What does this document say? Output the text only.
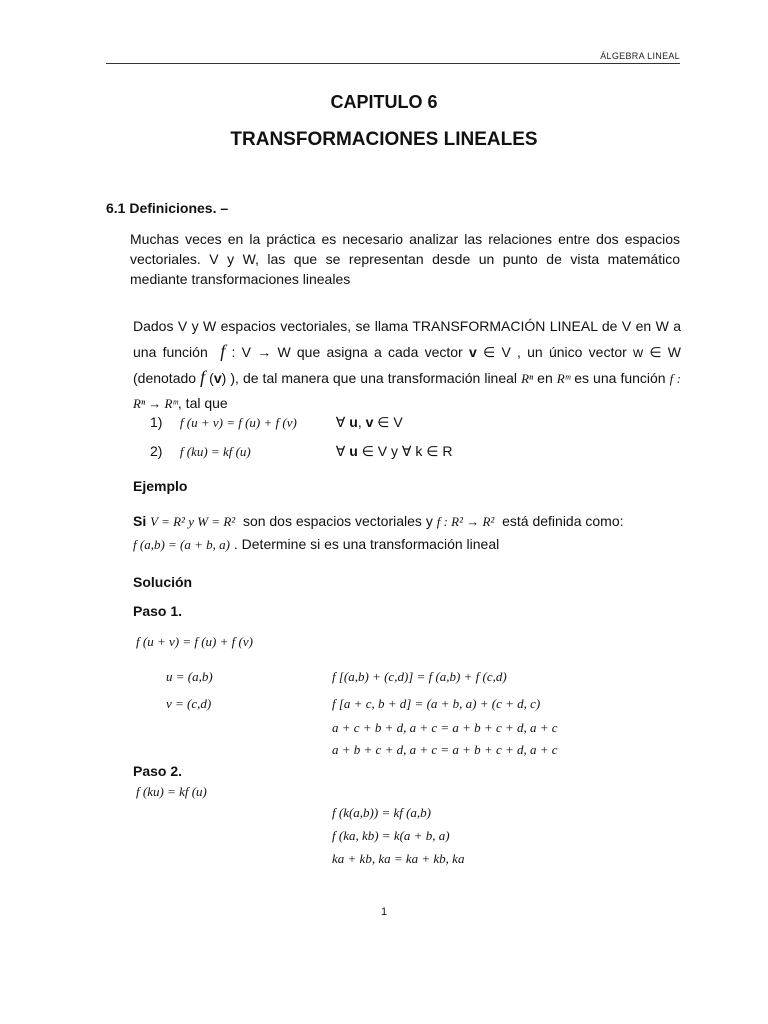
ÁLGEBRA LINEAL
CAPITULO 6
TRANSFORMACIONES LINEALES
6.1 Definiciones. –
Muchas veces en la práctica es necesario analizar las relaciones entre dos espacios vectoriales. V y W, las que se representan desde un punto de vista matemático mediante transformaciones lineales
Dados V y W espacios vectoriales, se llama TRANSFORMACIÓN LINEAL de V en W a una función f : V → W que asigna a cada vector v ∈ V , un único vector w ∈ W (denotado f (v) ), de tal manera que una transformación lineal Rⁿ en Rᵐ es una función f : Rⁿ → Rᵐ, tal que
1) f (u + v) = f (u) + f (v)	∀ u, v ∈ V
2) f (ku) = kf (u)	∀ u ∈ V y ∀ k ∈ R
Ejemplo
Si V = R² y W = R² son dos espacios vectoriales y f : R² → R² está definida como:
f (a,b) = (a + b, a) . Determine si es una transformación lineal
Solución
Paso 1.
f (u + v) = f (u) + f (v)
u = (a,b)
v = (c,d)
f [(a,b) + (c,d)] = f (a,b) + f (c,d)
f [a + c, b + d] = (a + b, a) + (c + d, c)
a + c + b + d, a + c = a + b + c + d, a + c
a + b + c + d, a + c = a + b + c + d, a + c
Paso 2.
f (ku) = kf (u)
f (k(a,b)) = kf (a,b)
f (ka, kb) = k(a + b, a)
ka + kb, ka = ka + kb, ka
1
